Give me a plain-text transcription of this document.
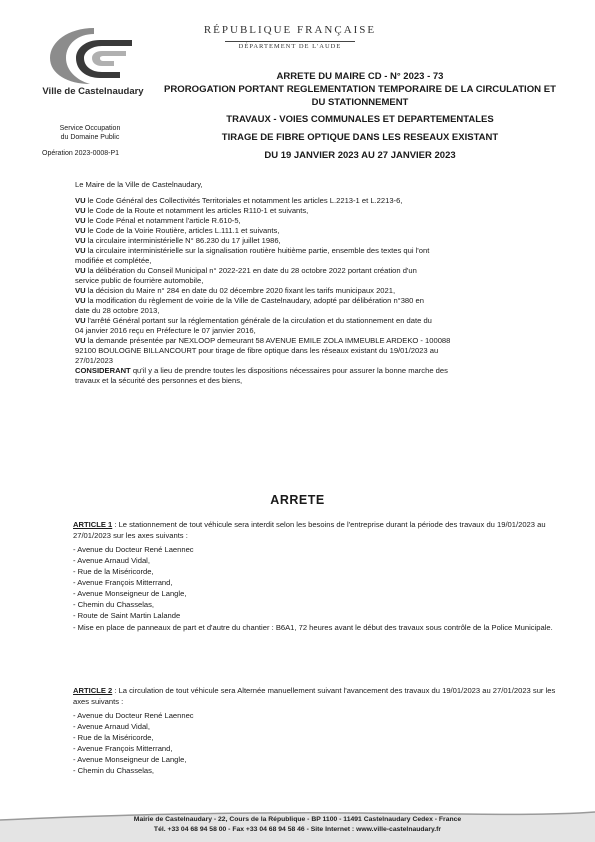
Ville de Castelnaudary
RÉPUBLIQUE FRANÇAISE
DÉPARTEMENT DE L'AUDE
ARRETE DU MAIRE CD - N° 2023 - 73
PROROGATION PORTANT REGLEMENTATION TEMPORAIRE DE LA CIRCULATION ET
DU STATIONNEMENT
TRAVAUX - VOIES COMMUNALES ET DEPARTEMENTALES
TIRAGE DE FIBRE OPTIQUE DANS LES RESEAUX EXISTANT
DU 19 JANVIER 2023 AU 27 JANVIER 2023
Service Occupation
du Domaine Public
Opération 2023-0008-P1
Le Maire de la Ville de Castelnaudary,
VU le Code Général des Collectivités Territoriales et notamment les articles L.2213-1 et L.2213-6,
VU le Code de la Route et notamment les articles R110-1 et suivants,
VU le Code Pénal et notamment l'article R.610-5,
VU le Code de la Voirie Routière, articles L.111.1 et suivants,
VU la circulaire interministérielle N° 86.230 du 17 juillet 1986,
VU la circulaire interministérielle sur la signalisation routière huitième partie, ensemble des textes qui l'ont
modifiée et complétée,
VU la délibération du Conseil Municipal n° 2022-221 en date du 28 octobre 2022 portant création d'un
service public de fourrière automobile,
VU la décision du Maire n° 284 en date du 02 décembre 2020 fixant les tarifs municipaux 2021,
VU la modification du règlement de voirie de la Ville de Castelnaudary, adopté par délibération n°380 en
date du 28 octobre 2013,
VU l'arrêté Général portant sur la réglementation générale de la circulation et du stationnement en date du
04 janvier 2016 reçu en Préfecture le 07 janvier 2016,
VU la demande présentée par NEXLOOP demeurant 58 AVENUE EMILE ZOLA IMMEUBLE ARDEKO - 100088
92100 BOULOGNE BILLANCOURT pour tirage de fibre optique dans les réseaux existant du 19/01/2023 au
27/01/2023
CONSIDERANT qu'il y a lieu de prendre toutes les dispositions nécessaires pour assurer la bonne marche des
travaux et la sécurité des personnes et des biens,
ARRETE
ARTICLE 1 : Le stationnement de tout véhicule sera interdit selon les besoins de l'entreprise durant la période des travaux du 19/01/2023 au 27/01/2023 sur les axes suivants :
- Avenue du Docteur René Laennec
- Avenue Arnaud Vidal,
- Rue de la Miséricorde,
- Avenue François Mitterrand,
- Avenue Monseigneur de Langle,
- Chemin du Chasselas,
- Route de Saint Martin Lalande
- Mise en place de panneaux de part et d'autre du chantier : B6A1, 72 heures avant le début des travaux sous contrôle de la Police Municipale.
ARTICLE 2 : La circulation de tout véhicule sera Alternée manuellement suivant l'avancement des travaux du 19/01/2023 au 27/01/2023 sur les axes suivants :
- Avenue du Docteur René Laennec
- Avenue Arnaud Vidal,
- Rue de la Miséricorde,
- Avenue François Mitterrand,
- Avenue Monseigneur de Langle,
- Chemin du Chasselas,
Mairie de Castelnaudary - 22, Cours de la République - BP 1100 - 11491 Castelnaudary Cedex - France
Tél. +33 04 68 94 58 00 - Fax +33 04 68 94 58 46 - Site Internet : www.ville-castelnaudary.fr
